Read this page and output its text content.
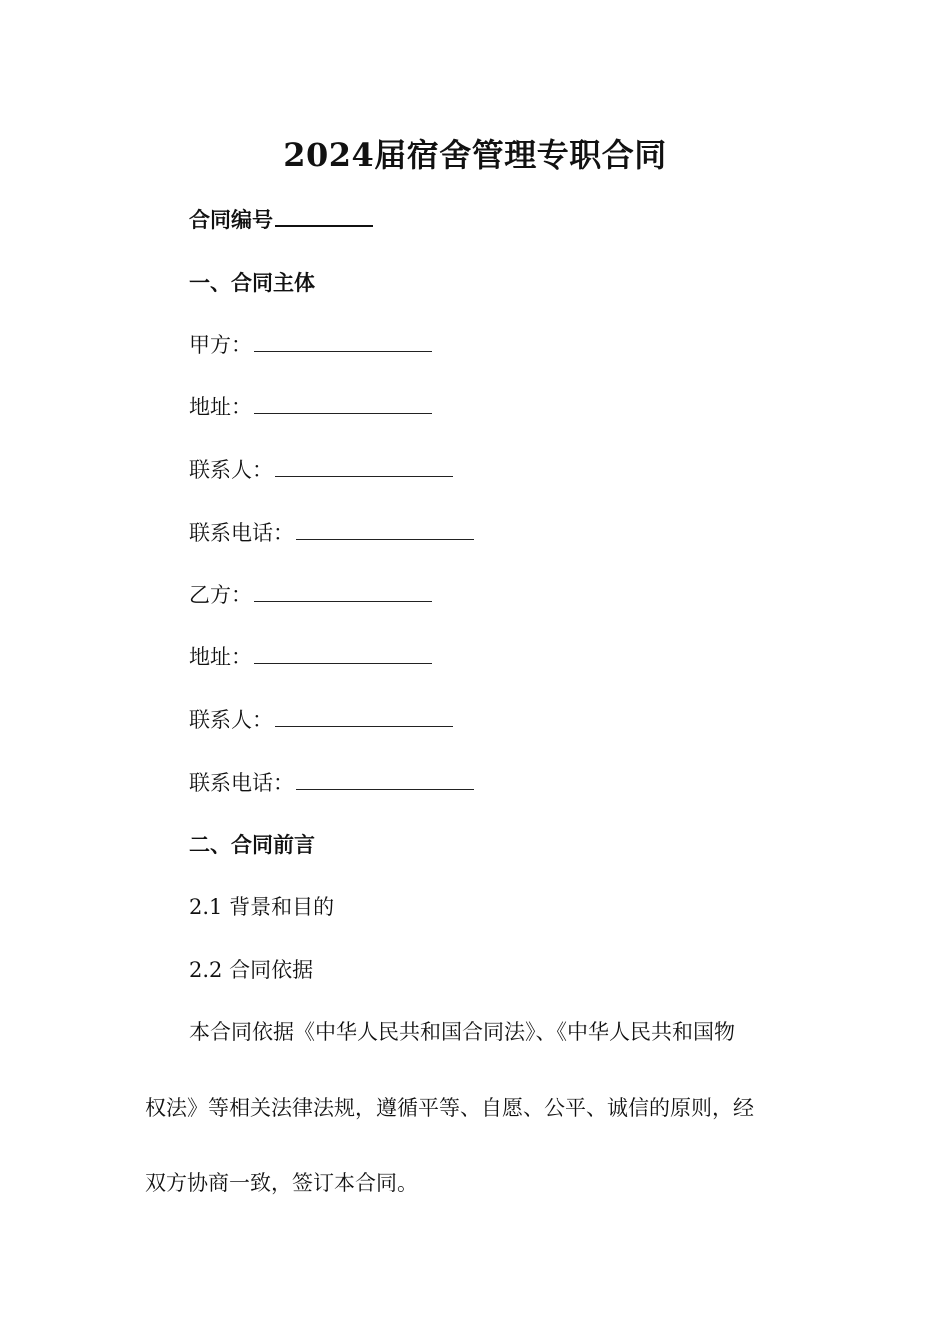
2024届宿舍管理专职合同
合同编号
一、合同主体
甲方：
地址：
联系人：
联系电话：
乙方：
地址：
联系人：
联系电话：
二、合同前言
2.1 背景和目的
2.2 合同依据
本合同依据《中华人民共和国合同法》、《中华人民共和国物
权法》等相关法律法规，遵循平等、自愿、公平、诚信的原则，经
双方协商一致，签订本合同。
